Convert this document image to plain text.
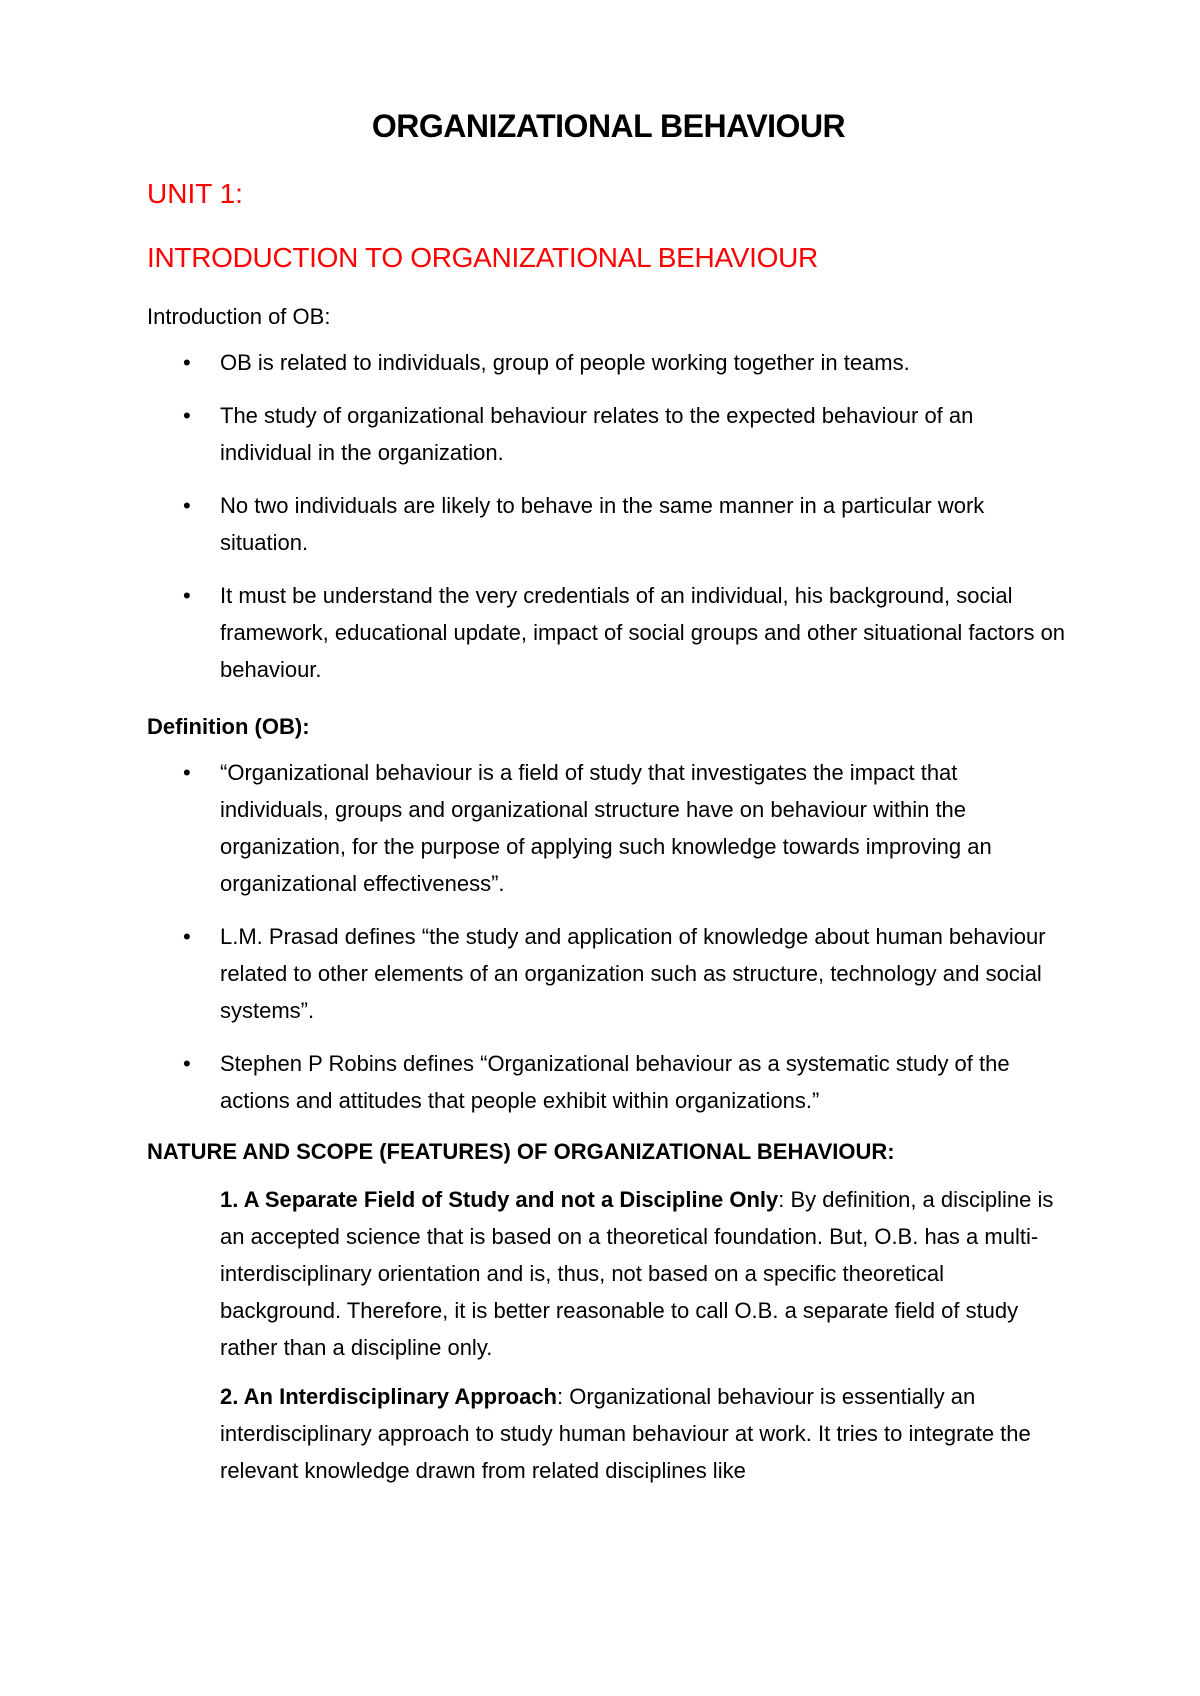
ORGANIZATIONAL BEHAVIOUR
UNIT 1:
INTRODUCTION TO ORGANIZATIONAL BEHAVIOUR
Introduction of OB:
• OB is related to individuals, group of people working together in teams.
• The study of organizational behaviour relates to the expected behaviour of an individual in the organization.
• No two individuals are likely to behave in the same manner in a particular work situation.
• It must be understand the very credentials of an individual, his background, social framework, educational update, impact of social groups and other situational factors on behaviour.
Definition (OB):
• “Organizational behaviour is a field of study that investigates the impact that individuals, groups and organizational structure have on behaviour within the organization, for the purpose of applying such knowledge towards improving an organizational effectiveness”.
• L.M. Prasad defines “the study and application of knowledge about human behaviour related to other elements of an organization such as structure, technology and social systems”.
• Stephen P Robins defines “Organizational behaviour as a systematic study of the actions and attitudes that people exhibit within organizations.”
NATURE AND SCOPE (FEATURES) OF ORGANIZATIONAL BEHAVIOUR:

1. A Separate Field of Study and not a Discipline Only: By definition, a discipline is an accepted science that is based on a theoretical foundation. But, O.B. has a multi-interdisciplinary orientation and is, thus, not based on a specific theoretical background. Therefore, it is better reasonable to call O.B. a separate field of study rather than a discipline only.

2. An Interdisciplinary Approach: Organizational behaviour is essentially an interdisciplinary approach to study human behaviour at work. It tries to integrate the relevant knowledge drawn from related disciplines like
